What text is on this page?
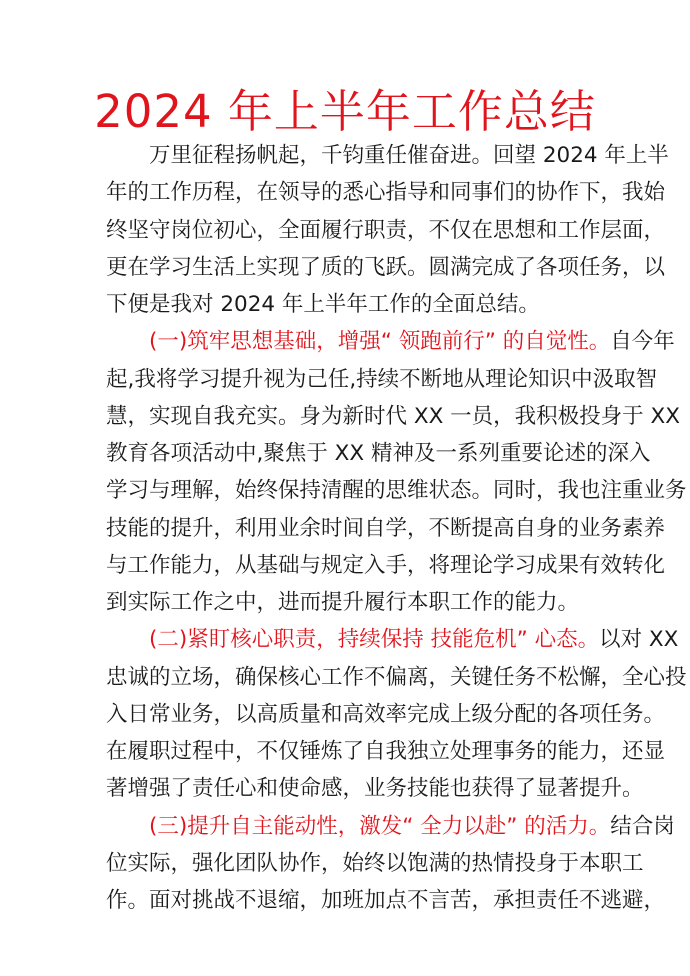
2024 年上半年工作总结
万里征程扬帆起，千钧重任催奋进。回望 2024 年上半
年的工作历程，在领导的悉心指导和同事们的协作下，我始
终坚守岗位初心，全面履行职责，不仅在思想和工作层面，
更在学习生活上实现了质的飞跃。圆满完成了各项任务，以
下便是我对 2024 年上半年工作的全面总结。
(一)筑牢思想基础，增强“ 领跑前行” 的自觉性。自今年
起,我将学习提升视为己任,持续不断地从理论知识中汲取智
慧，实现自我充实。身为新时代 XX 一员，我积极投身于 XX
教育各项活动中,聚焦于 XX 精神及一系列重要论述的深入
学习与理解，始终保持清醒的思维状态。同时，我也注重业务
技能的提升，利用业余时间自学，不断提高自身的业务素养
与工作能力，从基础与规定入手，将理论学习成果有效转化
到实际工作之中，进而提升履行本职工作的能力。
(二)紧盯核心职责，持续保持 技能危机” 心态。以对 XX
忠诚的立场，确保核心工作不偏离，关键任务不松懈，全心投
入日常业务，以高质量和高效率完成上级分配的各项任务。
在履职过程中，不仅锤炼了自我独立处理事务的能力，还显
著增强了责任心和使命感，业务技能也获得了显著提升。
(三)提升自主能动性，激发“ 全力以赴” 的活力。结合岗
位实际，强化团队协作，始终以饱满的热情投身于本职工
作。面对挑战不退缩，加班加点不言苦，承担责任不逃避，
